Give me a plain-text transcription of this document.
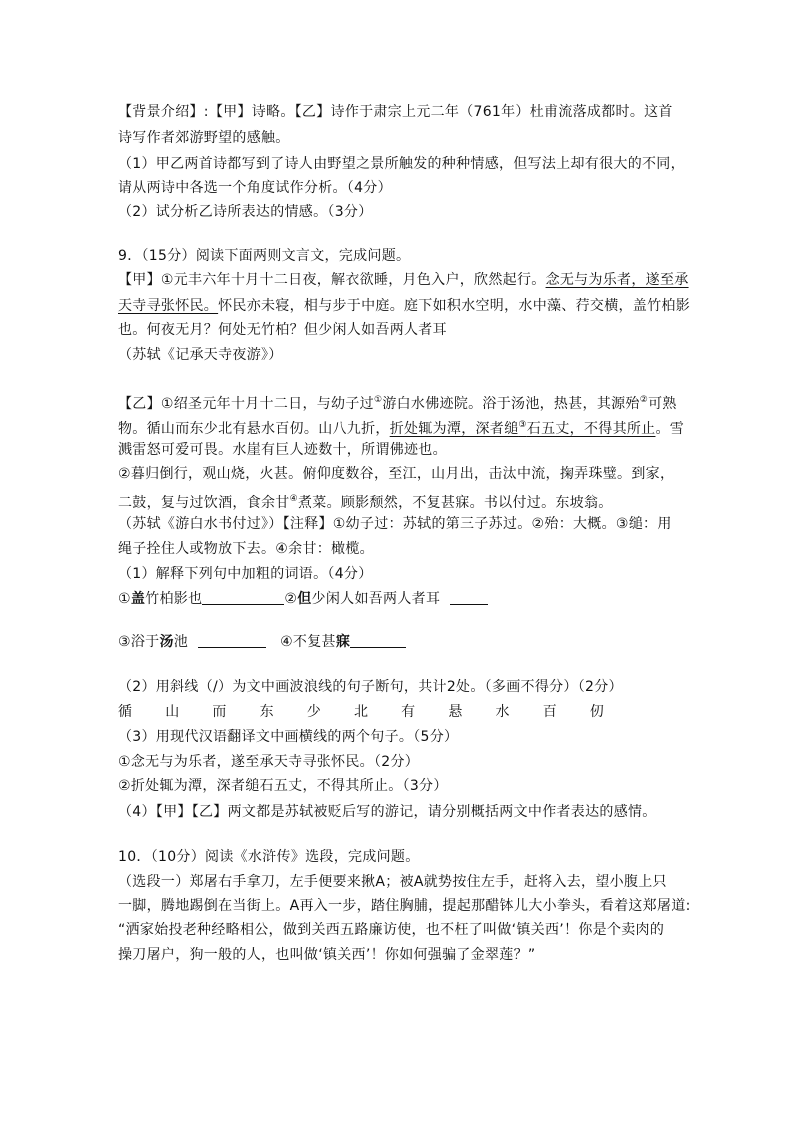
【背景介绍】:【甲】诗略。【乙】诗作于肃宗上元二年（761年）杜甫流落成都时。这首
诗写作者郊游野望的感触。
（1）甲乙两首诗都写到了诗人由野望之景所触发的种种情感，但写法上却有很大的不同，
请从两诗中各选一个角度试作分析。（4分）
（2）试分析乙诗所表达的情感。（3分）
9．（15分）阅读下面两则文言文，完成问题。
【甲】①元丰六年十月十二日夜，解衣欲睡，月色入户，欣然起行。念无与为乐者，遂至承
天寺寻张怀民。怀民亦未寝，相与步于中庭。庭下如积水空明，水中藻、荇交横，盖竹柏影
也。何夜无月？何处无竹柏？但少闲人如吾两人者耳
（苏轼《记承天寺夜游》）
【乙】①绍圣元年十月十二日，与幼子过①游白水佛迹院。浴于汤池，热甚，其源殆②可熟
物。循山而东少北有悬水百仞。山八九折，折处辄为潭，深者缒③石五丈，不得其所止。雪
溅雷怒可爱可畏。水崖有巨人迹数十，所谓佛迹也。
②暮归倒行，观山烧，火甚。俯仰度数谷，至江，山月出，击汰中流，掬弄珠璧。到家，
二鼓，复与过饮酒，食余甘④煮菜。顾影颓然，不复甚寐。书以付过。东坡翁。
（苏轼《游白水书付过》）【注释】①幼子过：苏轼的第三子苏过。②殆：大概。③缒：用
绳子拴住人或物放下去。④余甘：橄榄。
（1）解释下列句中加粗的词语。（4分）
①盖竹柏影也	②但少闲人如吾两人者耳
③浴于汤池	④不复甚寐
（2）用斜线（/）为文中画波浪线的句子断句，共计2处。（多画不得分）（2分）
循 山 而 东 少 北 有 悬 水 百 仞
（3）用现代汉语翻译文中画横线的两个句子。（5分）
①念无与为乐者，遂至承天寺寻张怀民。（2分）
②折处辄为潭，深者缒石五丈，不得其所止。（3分）
（4）【甲】【乙】两文都是苏轼被贬后写的游记，请分别概括两文中作者表达的感情。
10．（10分）阅读《水浒传》选段，完成问题。
（选段一）郑屠右手拿刀，左手便要来揪A；被A就势按住左手，赶将入去，望小腹上只
一脚，腾地踢倒在当街上。A再入一步，踏住胸脯，提起那醋钵儿大小拳头，看着这郑屠道:
“洒家始投老种经略相公，做到关西五路廉访使，也不枉了叫做‘镇关西’！你是个卖肉的
操刀屠户，狗一般的人，也叫做‘镇关西’！你如何强骗了金翠莲？”
